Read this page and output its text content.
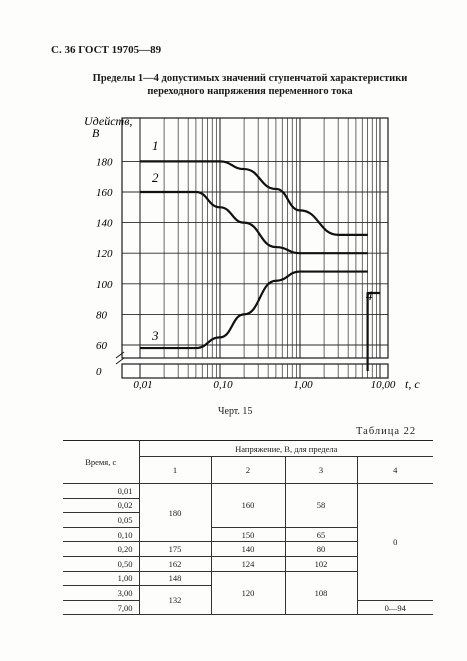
С. 36 ГОСТ 19705—89
Пределы 1—4 допустимых значений ступенчатой характеристики
переходного напряжения переменного тока
0
60
80
100
120
140
160
180
0,01	0,10	1,00	10,00 t, c
Uдейств,
В
1
2
3
4
Черт. 15
Таблица 22
Время, с	Напряжение, В, для предела			
	1	2	3	4
0,01	180	160	58	0
0,02				
0,05				
0,10		150	65	
0,20	175	140	80	
0,50	162	124	102	
1,00	148	120	108	
3,00	132			
7,00				0—94
